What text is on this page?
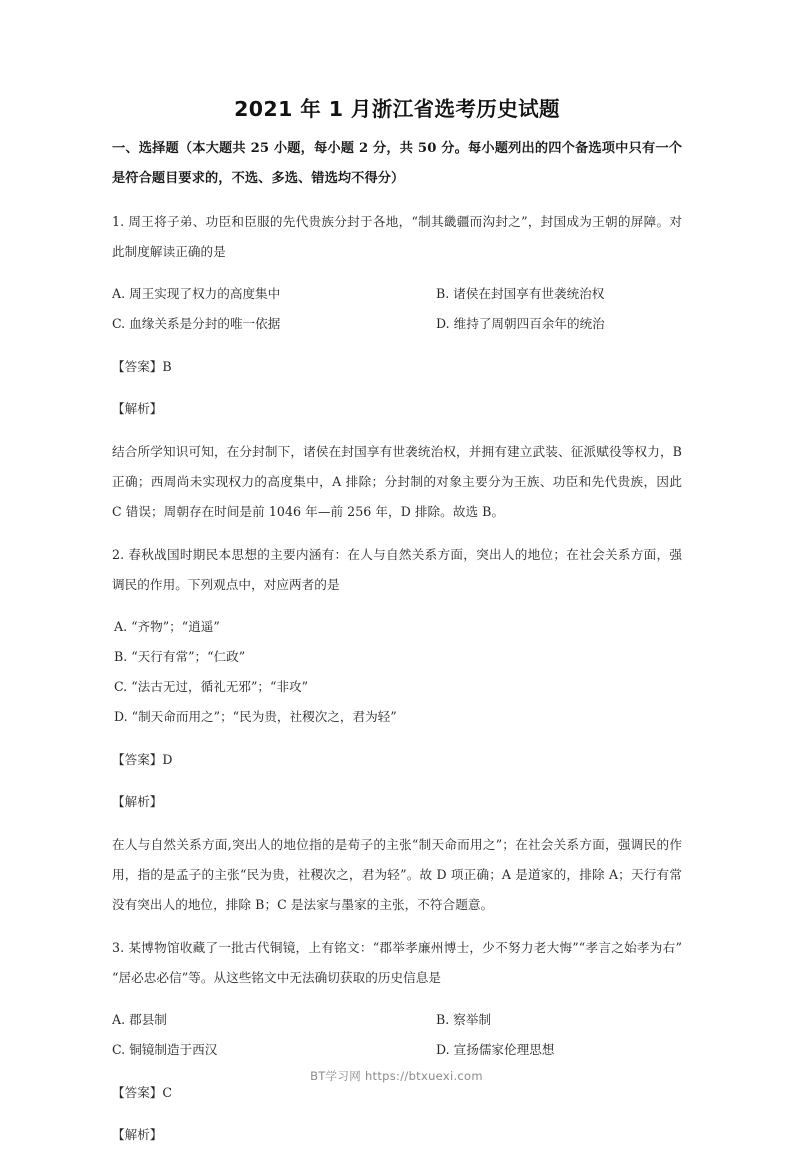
2021 年 1 月浙江省选考历史试题

一、选择题（本大题共 25 小题，每小题 2 分，共 50 分。每小题列出的四个备选项中只有一个是符合题目要求的，不选、多选、错选均不得分）

1. 周王将子弟、功臣和臣服的先代贵族分封于各地，“制其畿疆而沟封之”，封国成为王朝的屏障。对此制度解读正确的是

A. 周王实现了权力的高度集中	B. 诸侯在封国享有世袭统治权
C. 血缘关系是分封的唯一依据	D. 维持了周朝四百余年的统治

【答案】B

【解析】

结合所学知识可知，在分封制下，诸侯在封国享有世袭统治权，并拥有建立武装、征派赋役等权力，B 正确；西周尚未实现权力的高度集中，A 排除；分封制的对象主要分为王族、功臣和先代贵族，因此 C 错误；周朝存在时间是前 1046 年—前 256 年，D 排除。故选 B。

2. 春秋战国时期民本思想的主要内涵有：在人与自然关系方面，突出人的地位；在社会关系方面，强调民的作用。下列观点中，对应两者的是

A. “齐物”；“逍遥”
B. “天行有常”；“仁政”
C. “法古无过，循礼无邪”；“非攻”
D. “制天命而用之”；“民为贵，社稷次之，君为轻”

【答案】D

【解析】

在人与自然关系方面,突出人的地位指的是荀子的主张“制天命而用之”；在社会关系方面，强调民的作用，指的是孟子的主张“民为贵，社稷次之，君为轻”。故 D 项正确；A 是道家的，排除 A；天行有常没有突出人的地位，排除 B；C 是法家与墨家的主张，不符合题意。

3. 某博物馆收藏了一批古代铜镜，上有铭文：“郡举孝廉州博士，少不努力老大悔”“孝言之始孝为右”“居必忠必信”等。从这些铭文中无法确切获取的历史信息是

A. 郡县制	B. 察举制
C. 铜镜制造于西汉	D. 宣扬儒家伦理思想

【答案】C

【解析】

BT学习网 https://btxuexi.com
